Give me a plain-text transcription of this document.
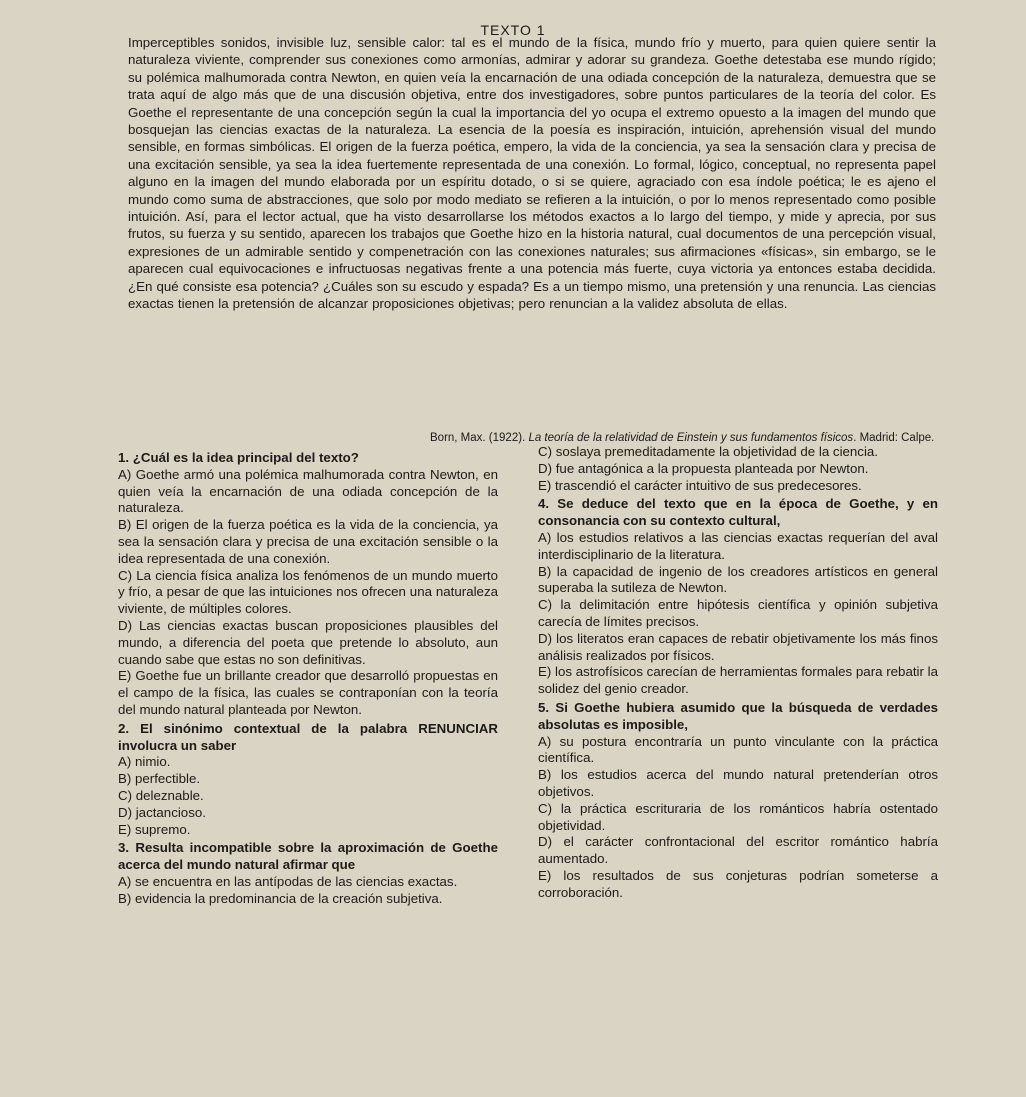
TEXTO 1
Imperceptibles sonidos, invisible luz, sensible calor: tal es el mundo de la física, mundo frío y muerto, para quien quiere sentir la naturaleza viviente, comprender sus conexiones como armonías, admirar y adorar su grandeza. Goethe detestaba ese mundo rígido; su polémica malhumorada contra Newton, en quien veía la encarnación de una odiada concepción de la naturaleza, demuestra que se trata aquí de algo más que de una discusión objetiva, entre dos investigadores, sobre puntos particulares de la teoría del color. Es Goethe el representante de una concepción según la cual la importancia del yo ocupa el extremo opuesto a la imagen del mundo que bosquejan las ciencias exactas de la naturaleza. La esencia de la poesía es inspiración, intuición, aprehensión visual del mundo sensible, en formas simbólicas. El origen de la fuerza poética, empero, la vida de la conciencia, ya sea la sensación clara y precisa de una excitación sensible, ya sea la idea fuertemente representada de una conexión. Lo formal, lógico, conceptual, no representa papel alguno en la imagen del mundo elaborada por un espíritu dotado, o si se quiere, agraciado con esa índole poética; le es ajeno el mundo como suma de abstracciones, que solo por modo mediato se refieren a la intuición, o por lo menos representado como posible intuición. Así, para el lector actual, que ha visto desarrollarse los métodos exactos a lo largo del tiempo, y mide y aprecia, por sus frutos, su fuerza y su sentido, aparecen los trabajos que Goethe hizo en la historia natural, cual documentos de una percepción visual, expresiones de un admirable sentido y compenetración con las conexiones naturales; sus afirmaciones «físicas», sin embargo, se le aparecen cual equivocaciones e infructuosas negativas frente a una potencia más fuerte, cuya victoria ya entonces estaba decidida. ¿En qué consiste esa potencia? ¿Cuáles son su escudo y espada? Es a un tiempo mismo, una pretensión y una renuncia. Las ciencias exactas tienen la pretensión de alcanzar proposiciones objetivas; pero renuncian a la validez absoluta de ellas.
Born, Max. (1922). La teoría de la relatividad de Einstein y sus fundamentos físicos. Madrid: Calpe.
1. ¿Cuál es la idea principal del texto?

A) Goethe armó una polémica malhumorada contra Newton, en quien veía la encarnación de una odiada concepción de la naturaleza.

B) El origen de la fuerza poética es la vida de la conciencia, ya sea la sensación clara y precisa de una excitación sensible o la idea representada de una conexión.

C) La ciencia física analiza los fenómenos de un mundo muerto y frío, a pesar de que las intuiciones nos ofrecen una naturaleza viviente, de múltiples colores.

D) Las ciencias exactas buscan proposiciones plausibles del mundo, a diferencia del poeta que pretende lo absoluto, aun cuando sabe que estas no son definitivas.

E) Goethe fue un brillante creador que desarrolló propuestas en el campo de la física, las cuales se contraponían con la teoría del mundo natural planteada por Newton.

2. El sinónimo contextual de la palabra RENUNCIAR involucra un saber

A) nimio.

B) perfectible.

C) deleznable.

D) jactancioso.

E) supremo.

3. Resulta incompatible sobre la aproximación de Goethe acerca del mundo natural afirmar que

A) se encuentra en las antípodas de las ciencias exactas.

B) evidencia la predominancia de la creación subjetiva.

C) soslaya premeditadamente la objetividad de la ciencia.

D) fue antagónica a la propuesta planteada por Newton.

E) trascendió el carácter intuitivo de sus predecesores.

4. Se deduce del texto que en la época de Goethe, y en consonancia con su contexto cultural,

A) los estudios relativos a las ciencias exactas requerían del aval interdisciplinario de la literatura.

B) la capacidad de ingenio de los creadores artísticos en general superaba la sutileza de Newton.

C) la delimitación entre hipótesis científica y opinión subjetiva carecía de límites precisos.

D) los literatos eran capaces de rebatir objetivamente los más finos análisis realizados por físicos.

E) los astrofísicos carecían de herramientas formales para rebatir la solidez del genio creador.

5. Si Goethe hubiera asumido que la búsqueda de verdades absolutas es imposible,

A) su postura encontraría un punto vinculante con la práctica científica.

B) los estudios acerca del mundo natural pretenderían otros objetivos.

C) la práctica escrituraria de los románticos habría ostentado objetividad.

D) el carácter confrontacional del escritor romántico habría aumentado.

E) los resultados de sus conjeturas podrían someterse a corroboración.
